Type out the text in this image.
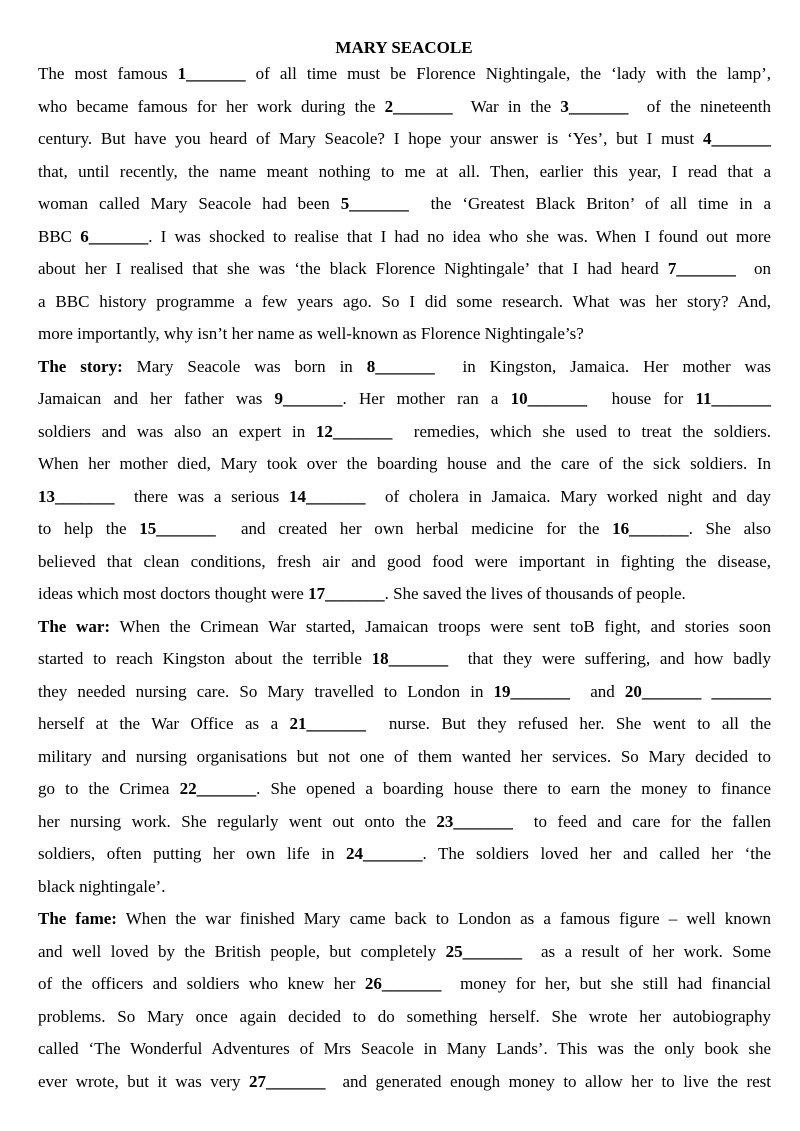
MARY SEACOLE
The most famous 1_______ of all time must be Florence Nightingale, the ‘lady with the lamp’,
who became famous for her work during the 2_______  War in the 3_______  of the nineteenth
century. But have you heard of Mary Seacole? I hope your answer is ‘Yes’, but I must 4_______
that, until recently, the name meant nothing to me at all. Then, earlier this year, I read that a
woman called Mary Seacole had been 5_______  the ‘Greatest Black Briton’ of all time in a
BBC 6_______. I was shocked to realise that I had no idea who she was. When I found out more
about her I realised that she was ‘the black Florence Nightingale’ that I had heard 7_______  on
a BBC history programme a few years ago. So I did some research. What was her story? And,
more importantly, why isn’t her name as well-known as Florence Nightingale’s?
The story: Mary Seacole was born in 8_______  in Kingston, Jamaica. Her mother was
Jamaican and her father was 9_______. Her mother ran a 10_______  house for 11_______
soldiers and was also an expert in 12_______  remedies, which she used to treat the soldiers.
When her mother died, Mary took over the boarding house and the care of the sick soldiers. In
13_______  there was a serious 14_______  of cholera in Jamaica. Mary worked night and day
to help the 15_______  and created her own herbal medicine for the 16_______. She also
believed that clean conditions, fresh air and good food were important in fighting the disease,
ideas which most doctors thought were 17_______. She saved the lives of thousands of people.
The war: When the Crimean War started, Jamaican troops were sent toB fight, and stories soon
started to reach Kingston about the terrible 18_______  that they were suffering, and how badly
they needed nursing care. So Mary travelled to London in 19_______  and 20_______ _______
herself at the War Office as a 21_______  nurse. But they refused her. She went to all the
military and nursing organisations but not one of them wanted her services. So Mary decided to
go to the Crimea 22_______. She opened a boarding house there to earn the money to finance
her nursing work. She regularly went out onto the 23_______  to feed and care for the fallen
soldiers, often putting her own life in 24_______. The soldiers loved her and called her ‘the
black nightingale’.
The fame: When the war finished Mary came back to London as a famous figure – well known
and well loved by the British people, but completely 25_______  as a result of her work. Some
of the officers and soldiers who knew her 26_______  money for her, but she still had financial
problems. So Mary once again decided to do something herself. She wrote her autobiography
called ‘The Wonderful Adventures of Mrs Seacole in Many Lands’. This was the only book she
ever wrote, but it was very 27_______  and generated enough money to allow her to live the rest
